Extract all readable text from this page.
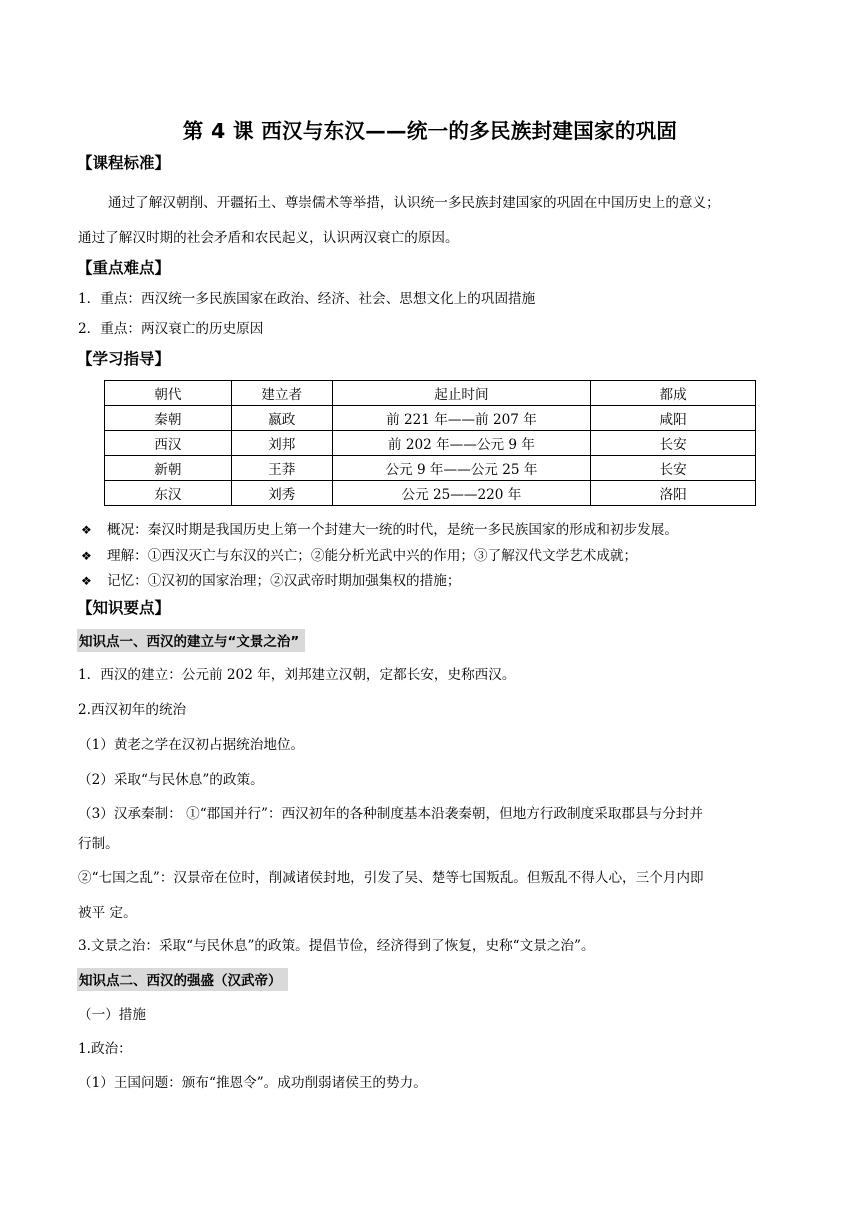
第 4 课 西汉与东汉——统一的多民族封建国家的巩固
【课程标准】
通过了解汉朝削、开疆拓土、尊崇儒术等举措，认识统一多民族封建国家的巩固在中国历史上的意义；
通过了解汉时期的社会矛盾和农民起义，认识两汉衰亡的原因。
【重点难点】
1．重点：西汉统一多民族国家在政治、经济、社会、思想文化上的巩固措施
2．重点：两汉衰亡的历史原因
【学习指导】
朝代	建立者	起止时间	都成
秦朝	嬴政	前 221 年——前 207 年	咸阳
西汉	刘邦	前 202 年——公元 9 年	长安
新朝	王莽	公元 9 年——公元 25 年	长安
东汉	刘秀	公元 25——220 年	洛阳
❖ 概况：秦汉时期是我国历史上第一个封建大一统的时代，是统一多民族国家的形成和初步发展。
❖ 理解：①西汉灭亡与东汉的兴亡；②能分析光武中兴的作用；③了解汉代文学艺术成就；
❖ 记忆：①汉初的国家治理；②汉武帝时期加强集权的措施；
【知识要点】
知识点一、西汉的建立与“文景之治”
1．西汉的建立：公元前 202 年，刘邦建立汉朝，定都长安，史称西汉。
2.西汉初年的统治
（1）黄老之学在汉初占据统治地位。
（2）采取“与民休息”的政策。
（3）汉承秦制： ①“郡国并行”：西汉初年的各种制度基本沿袭秦朝，但地方行政制度采取郡县与分封并
行制。
②“七国之乱”：汉景帝在位时，削减诸侯封地，引发了吴、楚等七国叛乱。但叛乱不得人心，三个月内即
被平 定。
3.文景之治：采取“与民休息”的政策。提倡节俭，经济得到了恢复，史称“文景之治”。
知识点二、西汉的强盛（汉武帝）
（一）措施
1.政治：
（1）王国问题：颁布“推恩令”。成功削弱诸侯王的势力。
